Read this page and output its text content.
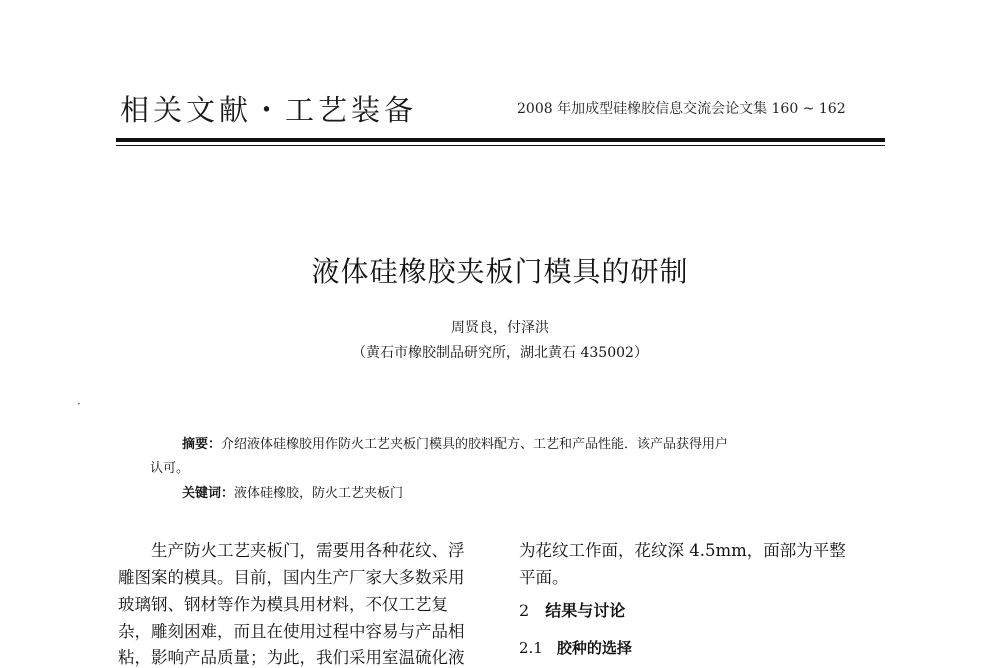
相关文献・工艺装备	2008 年加成型硅橡胶信息交流会论文集 160 ~ 162
液体硅橡胶夹板门模具的研制
周贤良，付泽洪
（黄石市橡胶制品研究所，湖北黄石 435002）
·
摘要：介绍液体硅橡胶用作防火工艺夹板门模具的胶料配方、工艺和产品性能．该产品获得用户
认可。
关键词：液体硅橡胶，防火工艺夹板门
　　生产防火工艺夹板门，需要用各种花纹、浮
雕图案的模具。目前，国内生产厂家大多数采用
玻璃钢、钢材等作为模具用材料，不仅工艺复
杂，雕刻困难，而且在使用过程中容易与产品相
粘，影响产品质量；为此，我们采用室温硫化液
为花纹工作面，花纹深 4.5mm，面部为平整
平面。
2 结果与讨论
2.1 胶种的选择
